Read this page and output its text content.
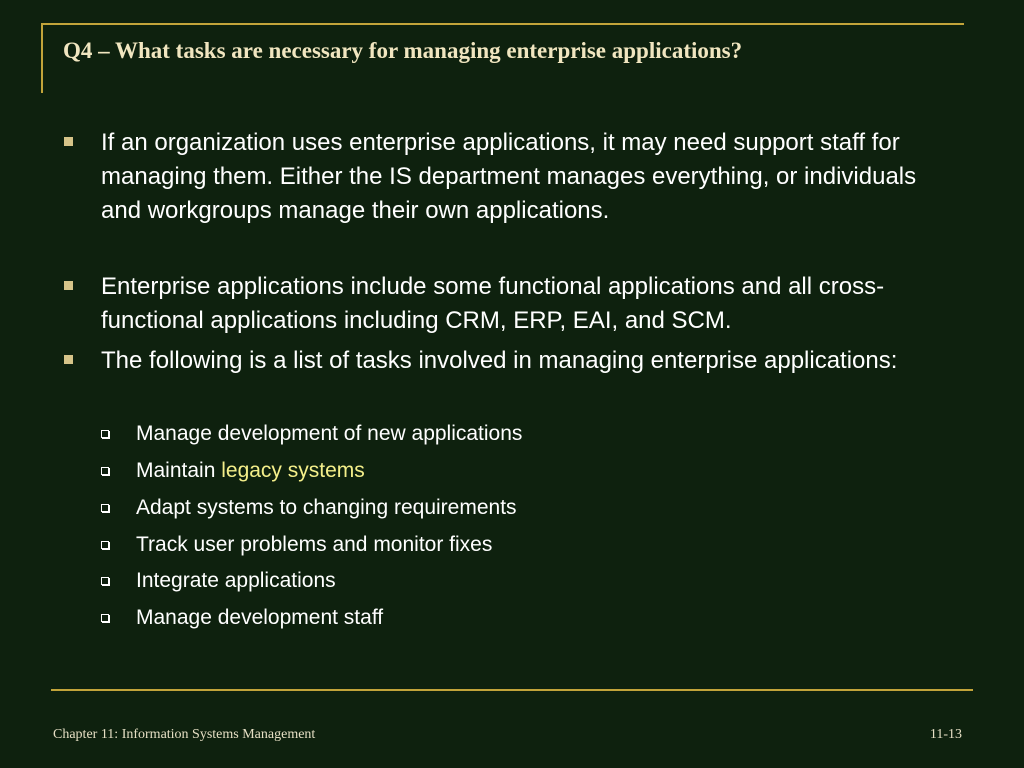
Q4 – What tasks are necessary for managing enterprise applications?
If an organization uses enterprise applications, it may need support staff for managing them. Either the IS department manages everything, or individuals and workgroups manage their own applications.
Enterprise applications include some functional applications and all cross-functional applications including CRM, ERP, EAI, and SCM.
The following is a list of tasks involved in managing enterprise applications:
Manage development of new applications
Maintain legacy systems
Adapt systems to changing requirements
Track user problems and monitor fixes
Integrate applications
Manage development staff
Chapter 11: Information Systems Management	11-13
